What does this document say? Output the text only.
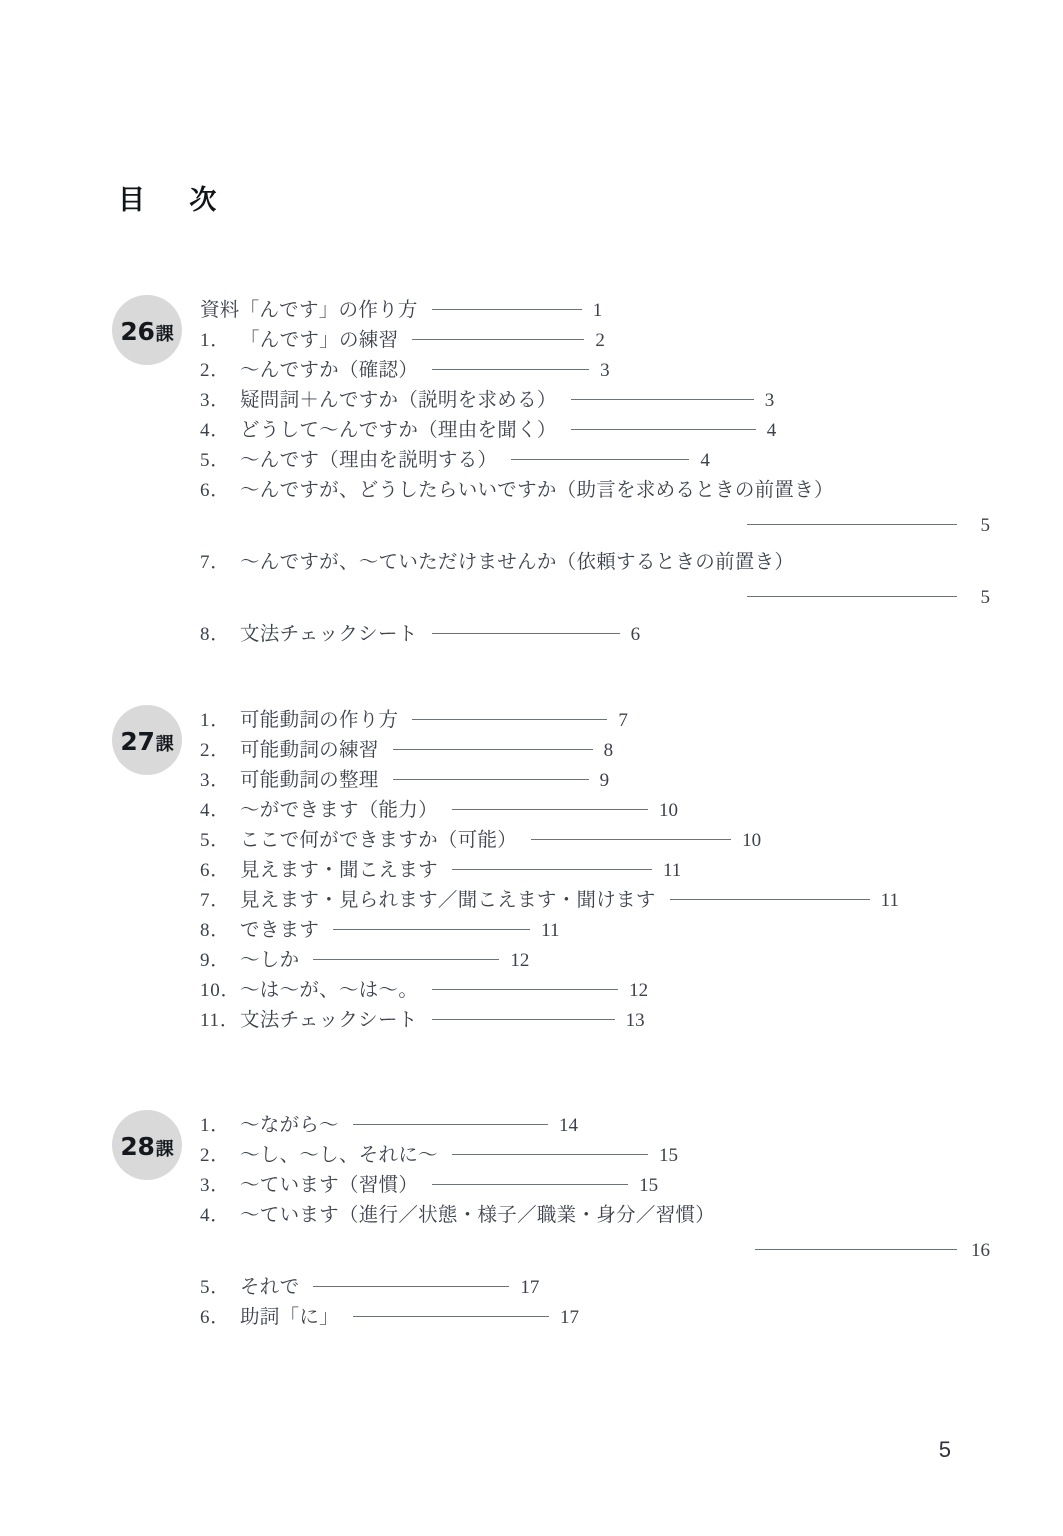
目　次
26 課
資料「んです」の作り方	1
1． 「んです」の練習	2
2． 〜んですか（確認）	3
3． 疑問詞＋んですか（説明を求める）	3
4． どうして〜んですか（理由を聞く）	4
5． 〜んです（理由を説明する）	4
6． 〜んですが、どうしたらいいですか（助言を求めるときの前置き）
5
7． 〜んですが、〜ていただけませんか（依頼するときの前置き）
5
8． 文法チェックシート	6
27 課
1． 可能動詞の作り方	7
2． 可能動詞の練習	8
3． 可能動詞の整理	9
4． 〜ができます（能力）	10
5． ここで何ができますか（可能）	10
6． 見えます・聞こえます	11
7． 見えます・見られます／聞こえます・聞けます	11
8． できます	11
9． 〜しか	12
10． 〜は〜が、〜は〜。	12
11． 文法チェックシート	13
28 課
1． 〜ながら〜	14
2． 〜し、〜し、それに〜	15
3． 〜ています（習慣）	15
4． 〜ています（進行／状態・様子／職業・身分／習慣）
16
5． それで	17
6． 助詞「に」	17
5
